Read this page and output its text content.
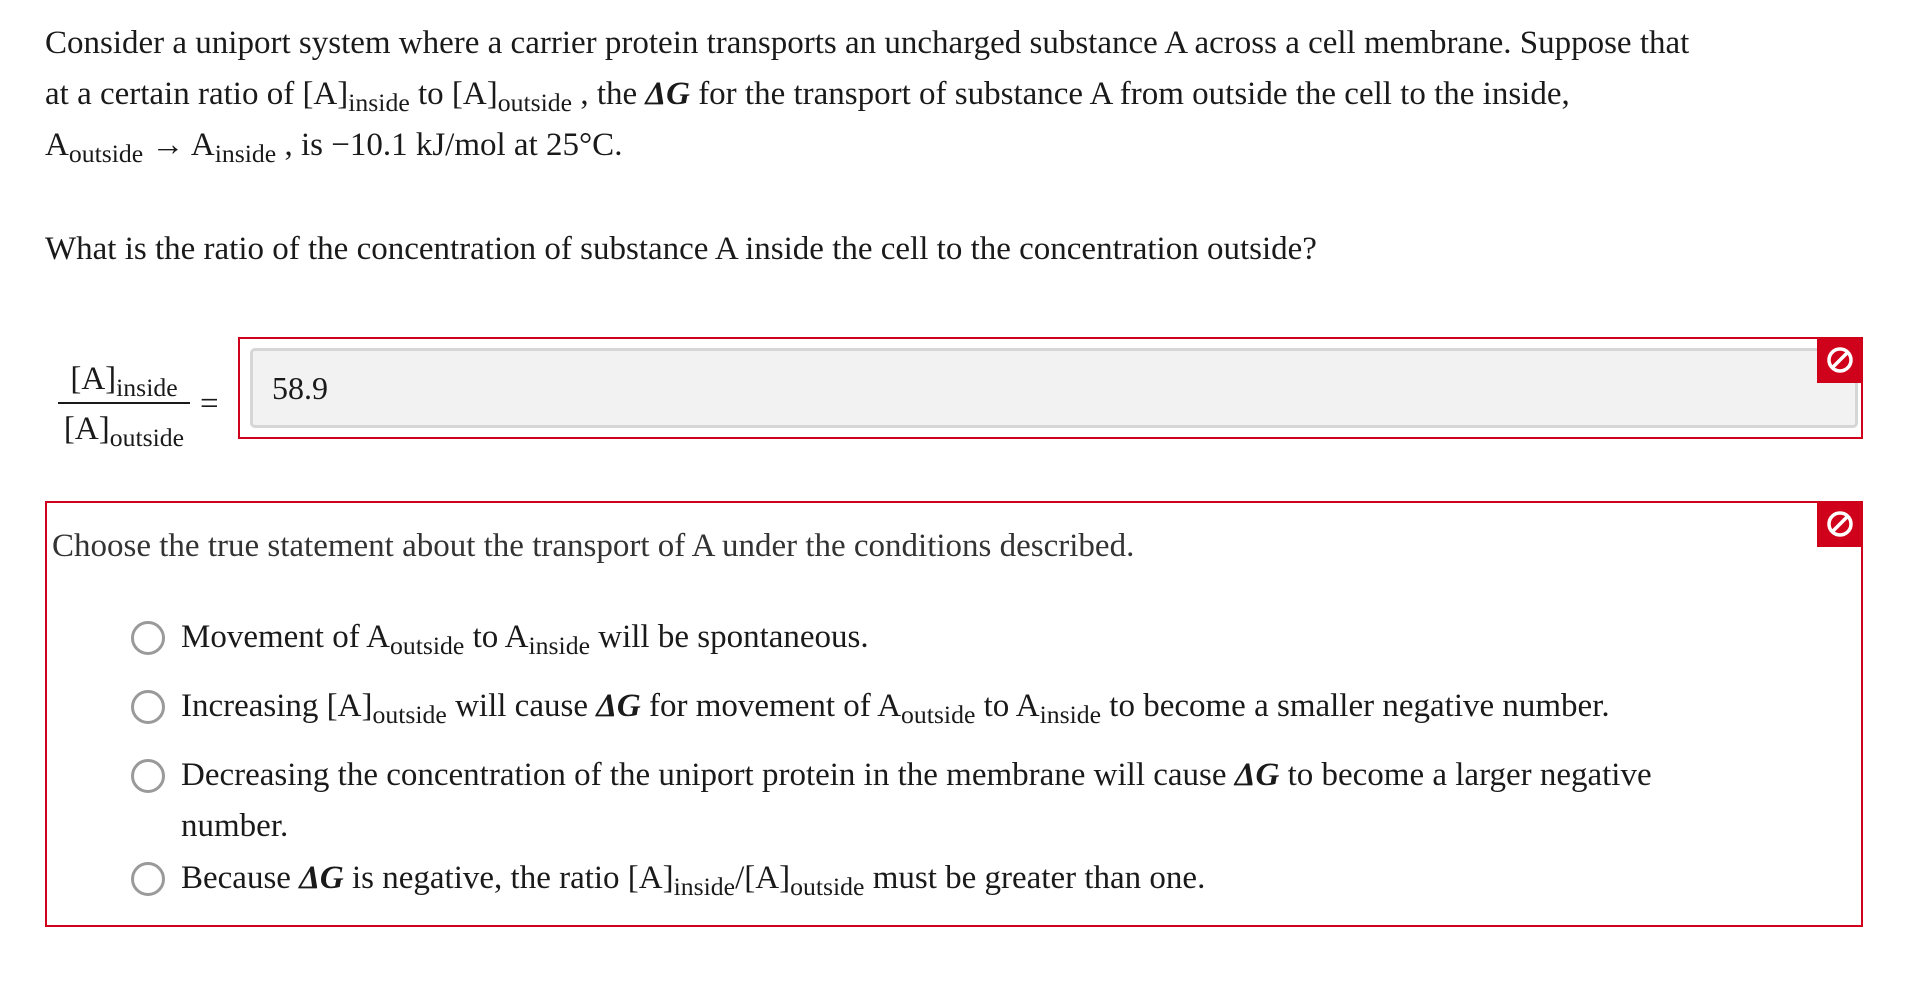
Consider a uniport system where a carrier protein transports an uncharged substance A across a cell membrane. Suppose that
at a certain ratio of $[A]_{inside}$ to $[A]_{outside}$ , the ΔG for the transport of substance A from outside the cell to the inside,
$A_{outside} \to A_{inside}$ , is −10.1 kJ/mol at 25°C.
What is the ratio of the concentration of substance A inside the cell to the concentration outside?
$[A]_{inside}$
$[A]_{outside}$
=
58.9
Choose the true statement about the transport of A under the conditions described.
Movement of $A_{outside}$ to $A_{inside}$ will be spontaneous.
Increasing $[A]_{outside}$ will cause ΔG for movement of $A_{outside}$ to $A_{inside}$ to become a smaller negative number.
Decreasing the concentration of the uniport protein in the membrane will cause ΔG to become a larger negative number.
Because ΔG is negative, the ratio $[A]_{inside}/[A]_{outside}$ must be greater than one.
